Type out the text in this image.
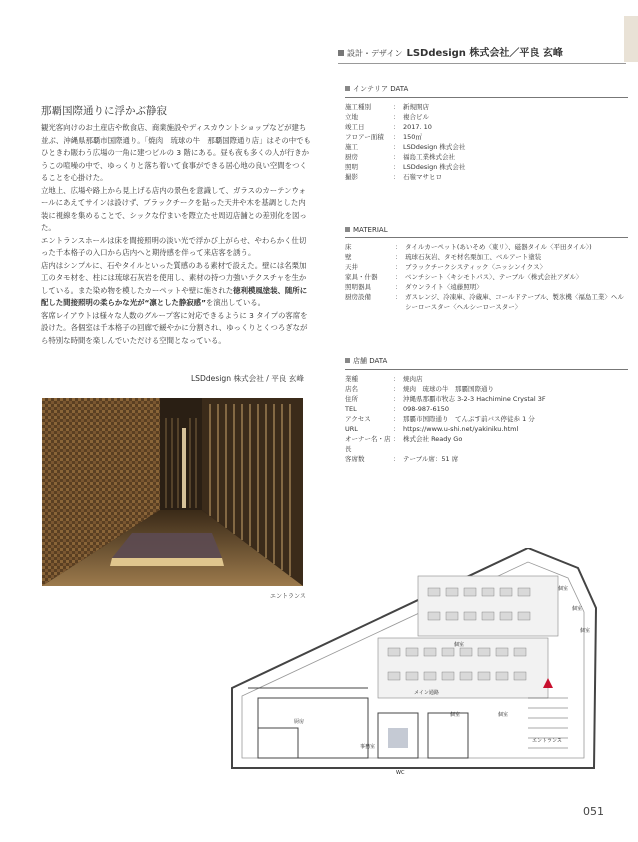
設計・デザイン LSDdesign 株式会社／平良 玄峰
那覇国際通りに浮かぶ静寂

観光客向けのお土産店や飲食店、商業施設やディスカウントショップなどが建ち並ぶ、沖縄県那覇市国際通り。「焼肉　琉球の牛　那覇国際通り店」はその中でもひときわ賑わう広場の一角に建つビルの 3 階にある。昼も夜も多くの人が行きかうこの喧噪の中で、ゆっくりと落ち着いて食事ができる居心地の良い空間をつくることを心掛けた。

立地上、広場や路上から見上げる店内の景色を意識して、ガラスのカーテンウォールにあえてサインは設けず、ブラックチークを貼った天井や木を基調とした内装に視線を集めることで、シックな佇まいを際立たせ周辺店舗との差別化を図った。

エントランスホールは床を間接照明の淡い光で浮かび上がらせ、やわらかく仕切った千本格子の入口から店内へと期待感を伴って来店客を誘う。

店内はシンプルに、石やタイルといった質感のある素材で設えた。壁には名栗加工のタモ材を、柱には琉球石灰岩を使用し、素材の持つ力強いテクスチャを生かしている。また染め物を模したカーペットや壁に施された徳利模風塗装、随所に配した間接照明の柔らかな光が“凛とした静寂感”を演出している。

客席レイアウトは様々な人数のグループ客に対応できるように 3 タイプの客席を設けた。各個室は千本格子の回廊で緩やかに分割され、ゆっくりとくつろぎながら特別な時間を楽しんでいただける空間となっている。

LSDdesign 株式会社 / 平良 玄峰
インテリア DATA
施工種別	： 新規開店
立地	： 複合ビル
竣工日	： 2017. 10
フロアー面積	： 150㎡
施工	： LSDdesign 株式会社
厨房	： 福島工業株式会社
照明	： LSDdesign 株式会社
撮影	： 石嶺マサヒロ
MATERIAL
床	： タイルカーペット(あいそめ〈東リ〉、磁器タイル〈平田タイル〉)
壁	： 琉球石灰岩、タモ材名栗加工、ベルアート塗装
天井	： ブラックチークシスティック〈ニッシンイクス〉
家具・什器	： ベンチシート〈キシモトパス〉、テーブル〈株式会社アダル〉
照明器具	： ダウンライト〈遠藤照明〉
厨房設備	： ガスレンジ、冷凍庫、冷蔵庫、コールドテーブル、製氷機〈福島工業〉ヘルシーロースター〈ヘルシーロースター〉
店舗 DATA
業種	： 焼肉店
店名	： 焼肉　琉球の牛　那覇国際通り
住所	： 沖縄県那覇市牧志 3-2-3 Hachimine Crystal 3F
TEL	： 098-987-6150
アクセス	： 那覇市国際通り　てんぶす前バス停徒歩 1 分
URL	： https://www.u-shi.net/yakiniku.html
オーナー名・店長
： 株式会社 Ready Go
客席数	： テーブル席：51 席
エントランス
個室
個室
個室
個室
個室	個室
メイン通路
厨房
事務室
WC
エントランス
051
